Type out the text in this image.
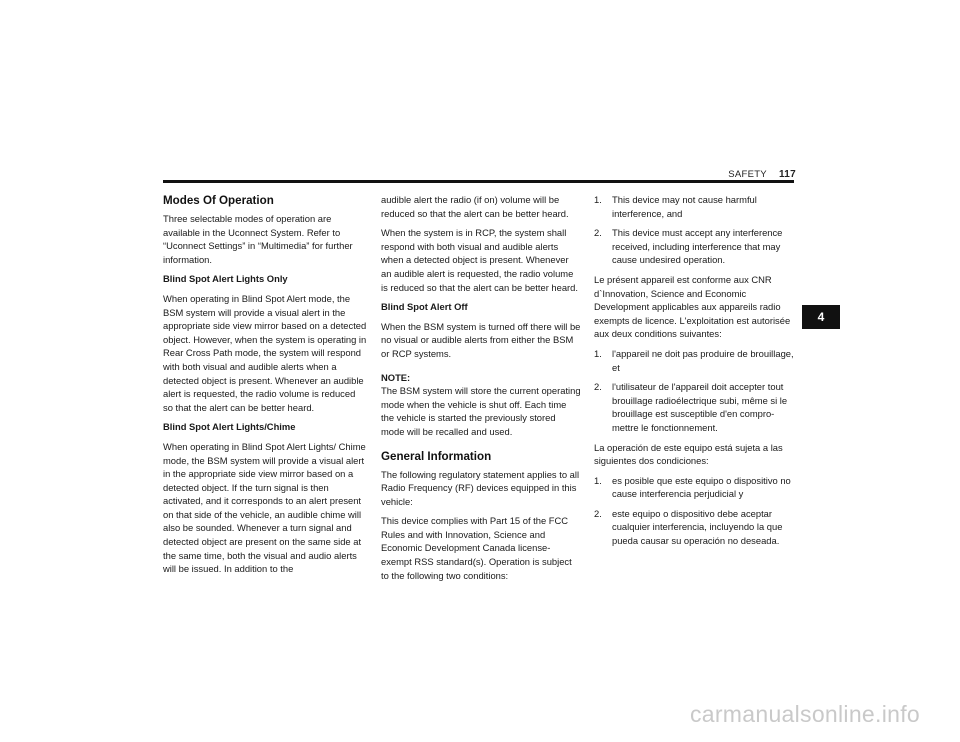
SAFETY 117
4
Modes Of Operation

Three selectable modes of operation are available in the Uconnect System. Refer to “Uconnect Settings” in “Multimedia” for further information.

Blind Spot Alert Lights Only

When operating in Blind Spot Alert mode, the BSM system will provide a visual alert in the appropriate side view mirror based on a detected object. However, when the system is operating in Rear Cross Path mode, the system will respond with both visual and audible alerts when a detected object is present. Whenever an audible alert is requested, the radio volume is reduced so that the alert can be better heard.

Blind Spot Alert Lights/Chime

When operating in Blind Spot Alert Lights/ Chime mode, the BSM system will provide a visual alert in the appropriate side view mirror based on a detected object. If the turn signal is then activated, and it corresponds to an alert present on that side of the vehicle, an audible chime will also be sounded. Whenever a turn signal and detected object are present on the same side at the same time, both the visual and audio alerts will be issued. In addition to the

audible alert the radio (if on) volume will be reduced so that the alert can be better heard.

When the system is in RCP, the system shall respond with both visual and audible alerts when a detected object is present. Whenever an audible alert is requested, the radio volume is reduced so that the alert can be better heard.

Blind Spot Alert Off

When the BSM system is turned off there will be no visual or audible alerts from either the BSM or RCP systems.

NOTE:

The BSM system will store the current operating mode when the vehicle is shut off. Each time the vehicle is started the previously stored mode will be recalled and used.

General Information

The following regulatory statement applies to all Radio Frequency (RF) devices equipped in this vehicle:

This device complies with Part 15 of the FCC Rules and with Innovation, Science and Economic Development Canada license-exempt RSS standard(s). Operation is subject to the following two conditions:

1.	This device may not cause harmful interference, and
2.	This device must accept any interference received, including interference that may cause undesired operation.

Le présent appareil est conforme aux CNR d`Innovation, Science and Economic Development applicables aux appareils radio exempts de licence. L'exploitation est autorisée aux deux conditions suivantes:

1.	l'appareil ne doit pas produire de brouillage, et
2.	l'utilisateur de l'appareil doit accepter tout brouillage radioélectrique subi, même si le brouillage est susceptible d'en compro-mettre le fonctionnement.

La operación de este equipo está sujeta a las siguientes dos condiciones:

1.	es posible que este equipo o dispositivo no cause interferencia perjudicial y
2.	este equipo o dispositivo debe aceptar cualquier interferencia, incluyendo la que pueda causar su operación no deseada.
carmanualsonline.info
